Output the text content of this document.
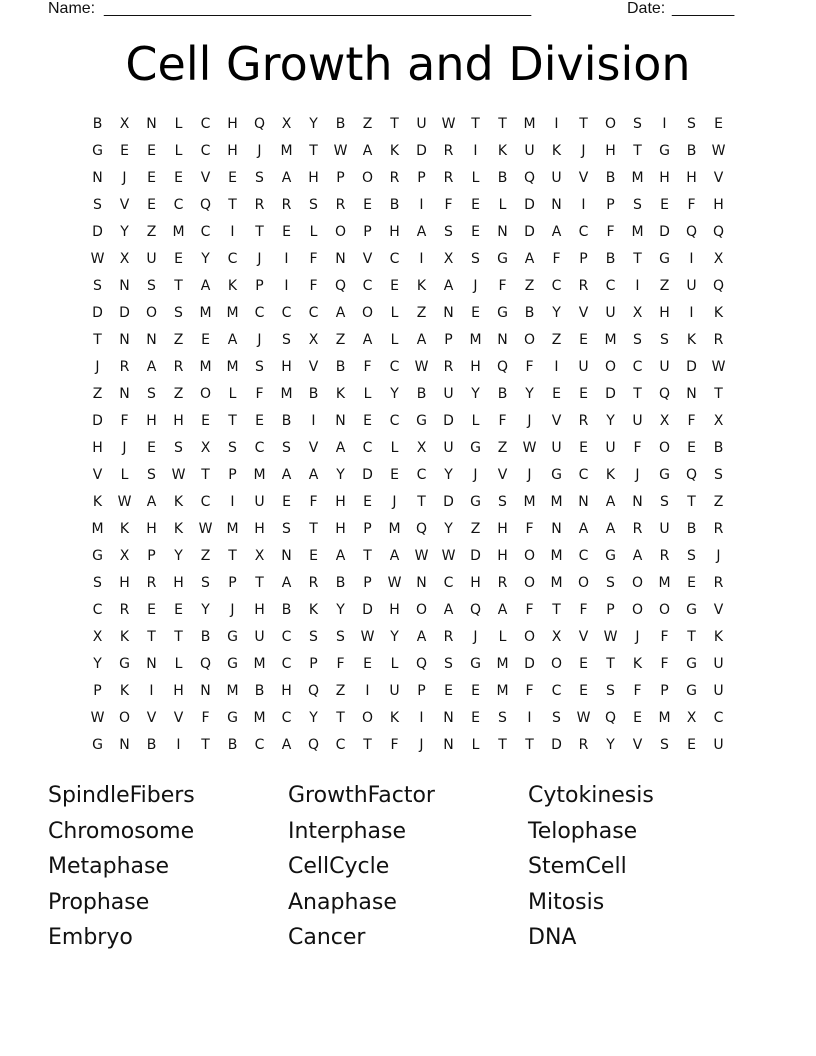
Name: ________________________________________________	Date: _______
Cell Growth and Division
B	X	N	L	C	H	Q	X	Y	B	Z	T	U	W	T	T	M	I	T	O	S	I	S	E
G	E	E	L	C	H	J	M	T	W	A	K	D	R	I	K	U	K	J	H	T	G	B	W
N	J	E	E	V	E	S	A	H	P	O	R	P	R	L	B	Q	U	V	B	M	H	H	V
S	V	E	C	Q	T	R	R	S	R	E	B	I	F	E	L	D	N	I	P	S	E	F	H
D	Y	Z	M	C	I	T	E	L	O	P	H	A	S	E	N	D	A	C	F	M	D	Q	Q
W	X	U	E	Y	C	J	I	F	N	V	C	I	X	S	G	A	F	P	B	T	G	I	X
S	N	S	T	A	K	P	I	F	Q	C	E	K	A	J	F	Z	C	R	C	I	Z	U	Q
D	D	O	S	M	M	C	C	C	A	O	L	Z	N	E	G	B	Y	V	U	X	H	I	K
T	N	N	Z	E	A	J	S	X	Z	A	L	A	P	M	N	O	Z	E	M	S	S	K	R
J	R	A	R	M	M	S	H	V	B	F	C	W	R	H	Q	F	I	U	O	C	U	D	W
Z	N	S	Z	O	L	F	M	B	K	L	Y	B	U	Y	B	Y	E	E	D	T	Q	N	T
D	F	H	H	E	T	E	B	I	N	E	C	G	D	L	F	J	V	R	Y	U	X	F	X
H	J	E	S	X	S	C	S	V	A	C	L	X	U	G	Z	W	U	E	U	F	O	E	B
V	L	S	W	T	P	M	A	A	Y	D	E	C	Y	J	V	J	G	C	K	J	G	Q	S
K	W	A	K	C	I	U	E	F	H	E	J	T	D	G	S	M	M	N	A	N	S	T	Z
M	K	H	K	W	M	H	S	T	H	P	M	Q	Y	Z	H	F	N	A	A	R	U	B	R
G	X	P	Y	Z	T	X	N	E	A	T	A	W W	D	H	O	M	C	G	A	R	S	J
S	H	R	H	S	P	T	A	R	B	P	W	N	C	H	R	O	M	O	S	O	M	E	R
C	R	E	E	Y	J	H	B	K	Y	D	H	O	A	Q	A	F	T	F	P	O	O	G	V
X	K	T	T	B	G	U	C	S	S	W	Y	A	R	J	L	O	X	V	W	J	F	T	K
Y	G	N	L	Q	G	M	C	P	F	E	L	Q	S	G	M	D	O	E	T	K	F	G	U
P	K	I	H	N	M	B	H	Q	Z	I	U	P	E	E	M	F	C	E	S	F	P	G	U
W	O	V	V	F	G	M	C	Y	T	O	K	I	N	E	S	I	S	W	Q	E	M	X	C
G	N	B	I	T	B	C	A	Q	C	T	F	J	N	L	T	T	D	R	Y	V	S	E	U
SpindleFibers	GrowthFactor	Cytokinesis
Chromosome	Interphase	Telophase
Metaphase	CellCycle	StemCell
Prophase	Anaphase	Mitosis
Embryo	Cancer	DNA
